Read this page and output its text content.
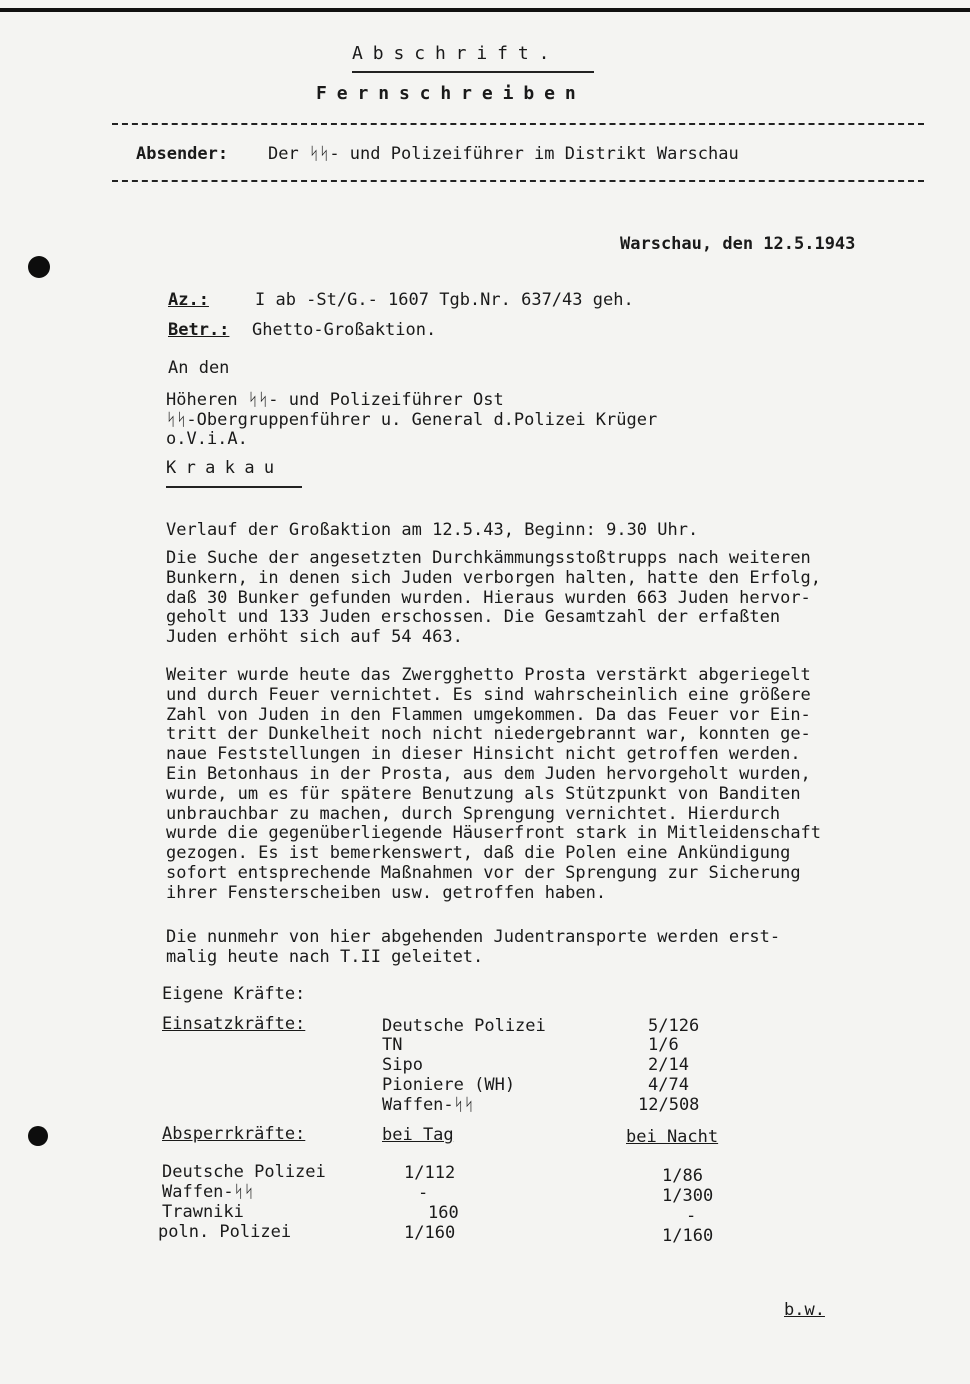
Abschrift.
Fernschreiben
Absender: Der ᛋᛋ- und Polizeiführer im Distrikt Warschau
Warschau, den 12.5.1943
Az.:	I ab -St/G.- 1607 Tgb.Nr. 637/43 geh.
Betr.: Ghetto-Großaktion.
An den
Höheren ᛋᛋ- und Polizeiführer Ost
ᛋᛋ-Obergruppenführer u. General d.Polizei Krüger
o.V.i.A.
Krakau
Verlauf der Großaktion am 12.5.43, Beginn: 9.30 Uhr.
Die Suche der angesetzten Durchkämmungsstoßtrupps nach weiteren
Bunkern, in denen sich Juden verborgen halten, hatte den Erfolg,
daß 30 Bunker gefunden wurden. Hieraus wurden 663 Juden hervor-
geholt und 133 Juden erschossen. Die Gesamtzahl der erfaßten
Juden erhöht sich auf 54 463.
Weiter wurde heute das Zwergghetto Prosta verstärkt abgeriegelt
und durch Feuer vernichtet. Es sind wahrscheinlich eine größere
Zahl von Juden in den Flammen umgekommen. Da das Feuer vor Ein-
tritt der Dunkelheit noch nicht niedergebrannt war, konnten ge-
naue Feststellungen in dieser Hinsicht nicht getroffen werden.
Ein Betonhaus in der Prosta, aus dem Juden hervorgeholt wurden,
wurde, um es für spätere Benutzung als Stützpunkt von Banditen
unbrauchbar zu machen, durch Sprengung vernichtet. Hierdurch
wurde die gegenüberliegende Häuserfront stark in Mitleidenschaft
gezogen. Es ist bemerkenswert, daß die Polen eine Ankündigung
sofort entsprechende Maßnahmen vor der Sprengung zur Sicherung
ihrer Fensterscheiben usw. getroffen haben.
Die nunmehr von hier abgehenden Judentransporte werden erst-
malig heute nach T.II geleitet.
Eigene Kräfte:
Einsatzkräfte:	Deutsche Polizei	5/126
TN	1/6
Sipo	2/14
Pioniere (WH)	4/74
Waffen-ᛋᛋ	12/508
Absperrkräfte:	bei Tag	bei Nacht
Deutsche Polizei	1/112	1/86
Waffen-ᛋᛋ	-	1/300
Trawniki	160	-
poln. Polizei	1/160	1/160
b.w.
